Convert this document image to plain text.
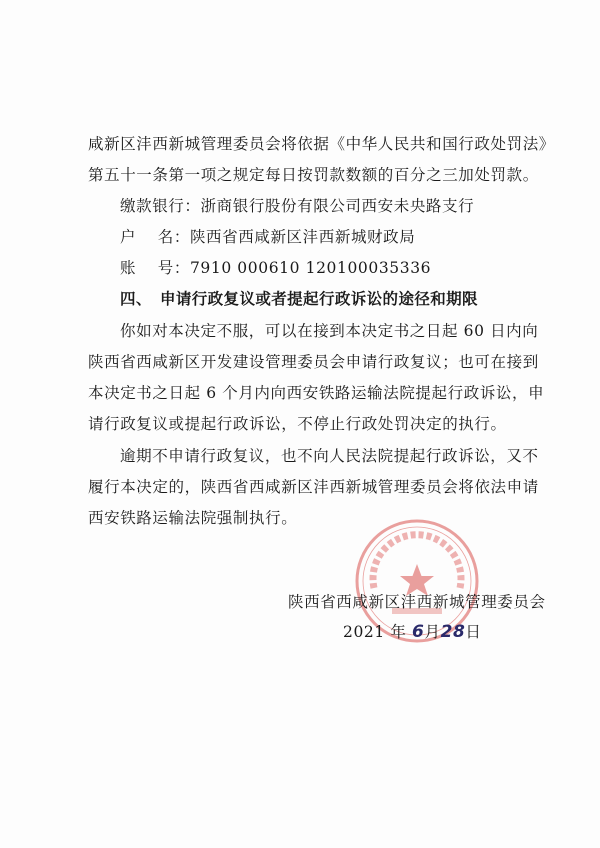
咸新区沣西新城管理委员会将依据《中华人民共和国行政处罚法》
第五十一条第一项之规定每日按罚款数额的百分之三加处罚款。
缴款银行：浙商银行股份有限公司西安未央路支行
户　 名：陕西省西咸新区沣西新城财政局
账　 号：7910 000610 120100035336
四、　申请行政复议或者提起行政诉讼的途径和期限
你如对本决定不服，可以在接到本决定书之日起 60 日内向
陕西省西咸新区开发建设管理委员会申请行政复议；也可在接到
本决定书之日起 6 个月内向西安铁路运输法院提起行政诉讼，申
请行政复议或提起行政诉讼，不停止行政处罚决定的执行。
逾期不申请行政复议，也不向人民法院提起行政诉讼，又不
履行本决定的，陕西省西咸新区沣西新城管理委员会将依法申请
西安铁路运输法院强制执行。
陕西省西咸新区沣西新城管理委员会
2021 年 6月28日
